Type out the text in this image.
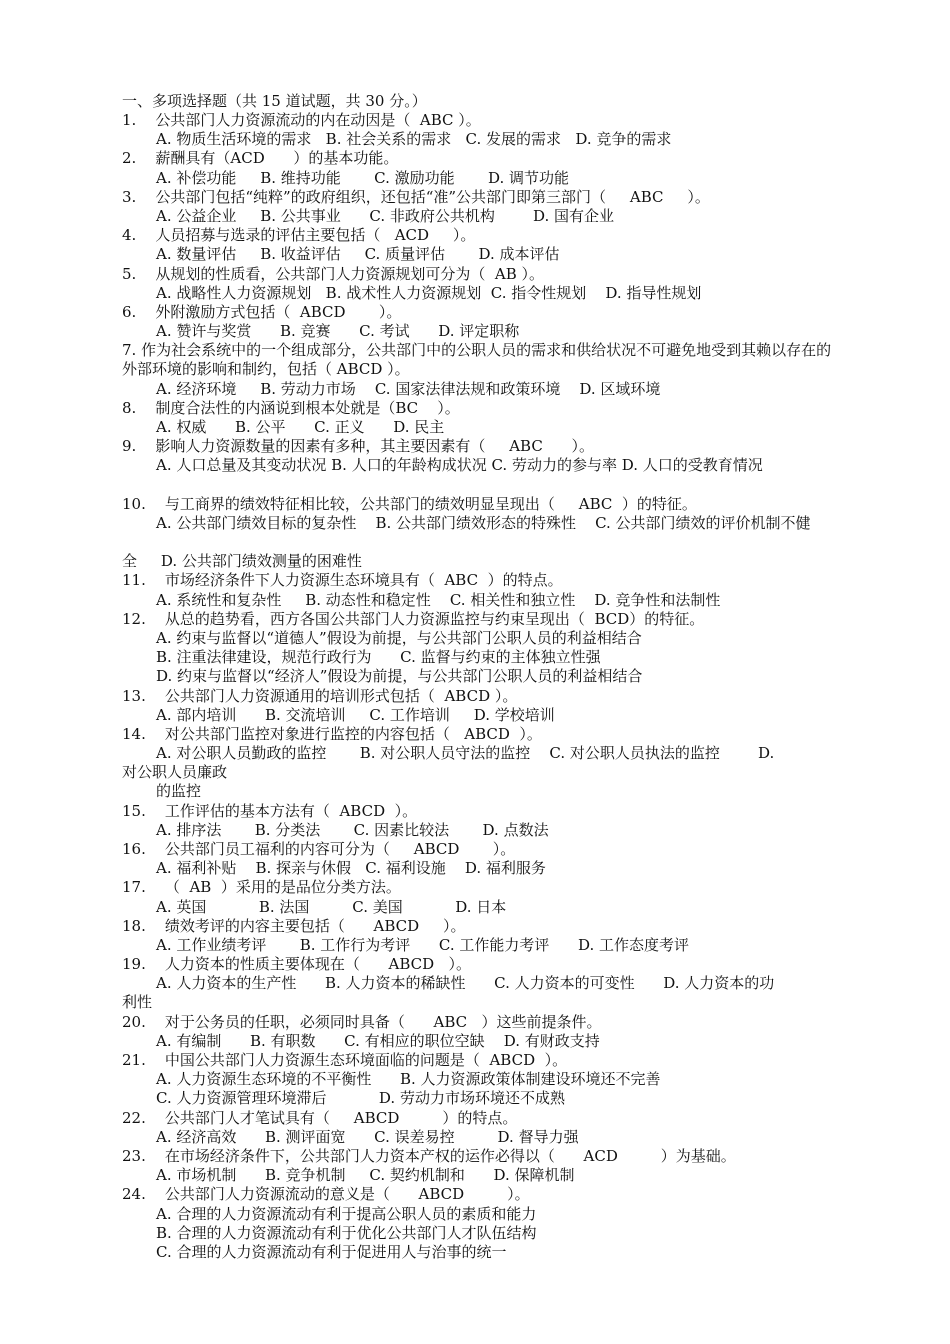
一、多项选择题（共 15 道试题，共 30 分。）
1.    公共部门人力资源流动的内在动因是（  ABC ）。
A. 物质生活环境的需求   B. 社会关系的需求   C. 发展的需求   D. 竞争的需求
2.    薪酬具有（ACD      ）的基本功能。
A. 补偿功能     B. 维持功能       C. 激励功能       D. 调节功能
3.    公共部门包括“纯粹”的政府组织，还包括“准”公共部门即第三部门（     ABC     ）。
A. 公益企业     B. 公共事业      C. 非政府公共机构        D. 国有企业
4.    人员招募与选录的评估主要包括（   ACD     ）。
A. 数量评估     B. 收益评估     C. 质量评估       D. 成本评估
5.    从规划的性质看，公共部门人力资源规划可分为（  AB ）。
A. 战略性人力资源规划   B. 战术性人力资源规划  C. 指令性规划    D. 指导性规划
6.    外附激励方式包括（  ABCD       ）。
A. 赞许与奖赏      B. 竞赛      C. 考试      D. 评定职称
7. 作为社会系统中的一个组成部分，公共部门中的公职人员的需求和供给状况不可避免地受到其赖以存在的外部环境的影响和制约，包括（ ABCD ）。
A. 经济环境     B. 劳动力市场    C. 国家法律法规和政策环境    D. 区域环境
8.    制度合法性的内涵说到根本处就是（BC    ）。
A. 权威      B. 公平      C. 正义      D. 民主
9.    影响人力资源数量的因素有多种，其主要因素有（     ABC      ）。
A. 人口总量及其变动状况 B. 人口的年龄构成状况 C. 劳动力的参与率 D. 人口的受教育情况
10.    与工商界的绩效特征相比较，公共部门的绩效明显呈现出（     ABC  ）的特征。
A. 公共部门绩效目标的复杂性    B. 公共部门绩效形态的特殊性    C. 公共部门绩效的评价机制不健
全     D. 公共部门绩效测量的困难性
11.    市场经济条件下人力资源生态环境具有（  ABC  ）的特点。
A. 系统性和复杂性     B. 动态性和稳定性    C. 相关性和独立性    D. 竞争性和法制性
12.    从总的趋势看，西方各国公共部门人力资源监控与约束呈现出（  BCD）的特征。
A. 约束与监督以“道德人”假设为前提，与公共部门公职人员的利益相结合
B. 注重法律建设，规范行政行为      C. 监督与约束的主体独立性强
D. 约束与监督以“经济人”假设为前提，与公共部门公职人员的利益相结合
13.    公共部门人力资源通用的培训形式包括（  ABCD ）。
A. 部内培训      B. 交流培训     C. 工作培训     D. 学校培训
14.    对公共部门监控对象进行监控的内容包括（   ABCD  ）。
A. 对公职人员勤政的监控       B. 对公职人员守法的监控    C. 对公职人员执法的监控        D.
对公职人员廉政
的监控
15.    工作评估的基本方法有（  ABCD  ）。
A. 排序法       B. 分类法       C. 因素比较法       D. 点数法
16.    公共部门员工福利的内容可分为（     ABCD       ）。
A. 福利补贴    B. 探亲与休假   C. 福利设施    D. 福利服务
17.    （  AB  ）采用的是品位分类方法。
A. 英国           B. 法国         C. 美国           D. 日本
18.    绩效考评的内容主要包括（      ABCD     ）。
A. 工作业绩考评       B. 工作行为考评      C. 工作能力考评      D. 工作态度考评
19.    人力资本的性质主要体现在（      ABCD   ）。
A. 人力资本的生产性      B. 人力资本的稀缺性      C. 人力资本的可变性      D. 人力资本的功
利性
20.    对于公务员的任职，必须同时具备（      ABC   ）这些前提条件。
A. 有编制      B. 有职数      C. 有相应的职位空缺    D. 有财政支持
21.    中国公共部门人力资源生态环境面临的问题是（  ABCD  ）。
A. 人力资源生态环境的不平衡性      B. 人力资源政策体制建设环境还不完善
C. 人力资源管理环境滞后           D. 劳动力市场环境还不成熟
22.    公共部门人才笔试具有（     ABCD         ）的特点。
A. 经济高效      B. 测评面宽      C. 误差易控         D. 督导力强
23.    在市场经济条件下，公共部门人力资本产权的运作必得以（      ACD         ）为基础。
A. 市场机制      B. 竞争机制     C. 契约机制和      D. 保障机制
24.    公共部门人力资源流动的意义是（      ABCD         ）。
A. 合理的人力资源流动有利于提高公职人员的素质和能力
B. 合理的人力资源流动有利于优化公共部门人才队伍结构
C. 合理的人力资源流动有利于促进用人与治事的统一
